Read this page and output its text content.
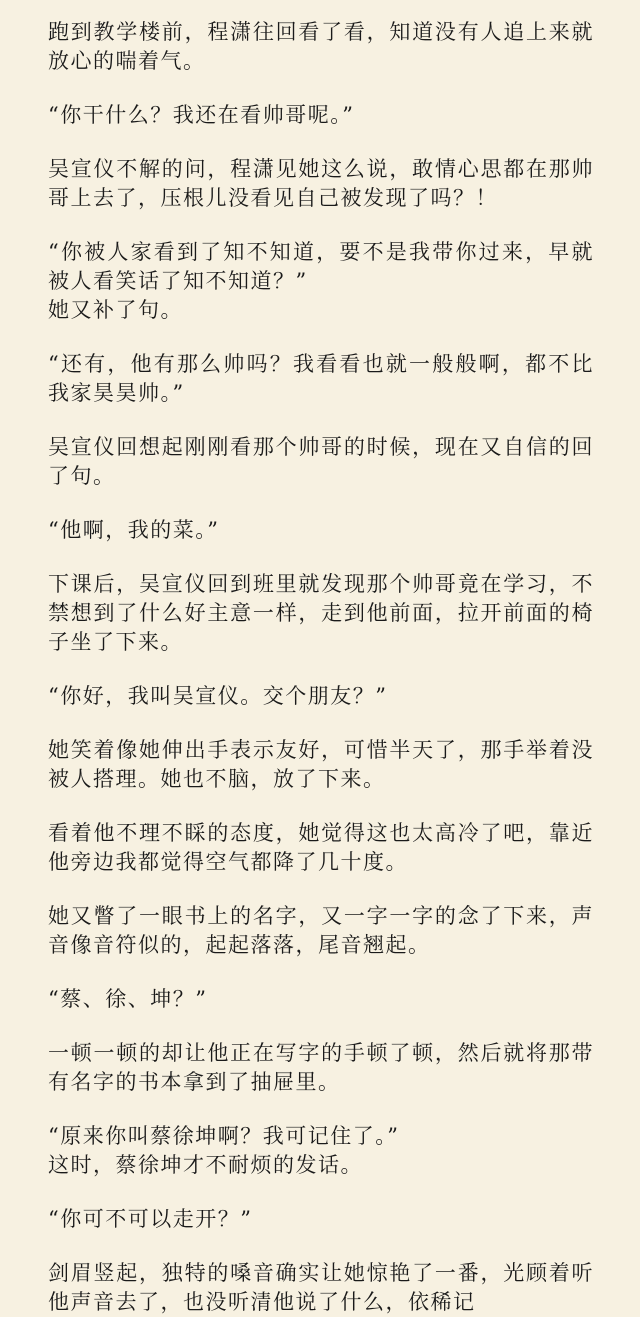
跑到教学楼前，程潇往回看了看，知道没有人追上来就放心的喘着气。

“你干什么？我还在看帅哥呢。”

吴宣仪不解的问，程潇见她这么说，敢情心思都在那帅哥上去了，压根儿没看见自己被发现了吗？！

“你被人家看到了知不知道，要不是我带你过来，早就被人看笑话了知不知道？”
她又补了句。

“还有，他有那么帅吗？我看看也就一般般啊，都不比我家昊昊帅。”

吴宣仪回想起刚刚看那个帅哥的时候，现在又自信的回了句。

“他啊，我的菜。”

下课后，吴宣仪回到班里就发现那个帅哥竟在学习，不禁想到了什么好主意一样，走到他前面，拉开前面的椅子坐了下来。

“你好，我叫吴宣仪。交个朋友？”

她笑着像她伸出手表示友好，可惜半天了，那手举着没被人搭理。她也不脑，放了下来。

看着他不理不睬的态度，她觉得这也太高冷了吧，靠近他旁边我都觉得空气都降了几十度。

她又瞥了一眼书上的名字，又一字一字的念了下来，声音像音符似的，起起落落，尾音翘起。

“蔡、徐、坤？”

一顿一顿的却让他正在写字的手顿了顿，然后就将那带有名字的书本拿到了抽屉里。

“原来你叫蔡徐坤啊？我可记住了。”
这时，蔡徐坤才不耐烦的发话。

“你可不可以走开？”

剑眉竖起，独特的嗓音确实让她惊艳了一番，光顾着听他声音去了，也没听清他说了什么，依稀记
